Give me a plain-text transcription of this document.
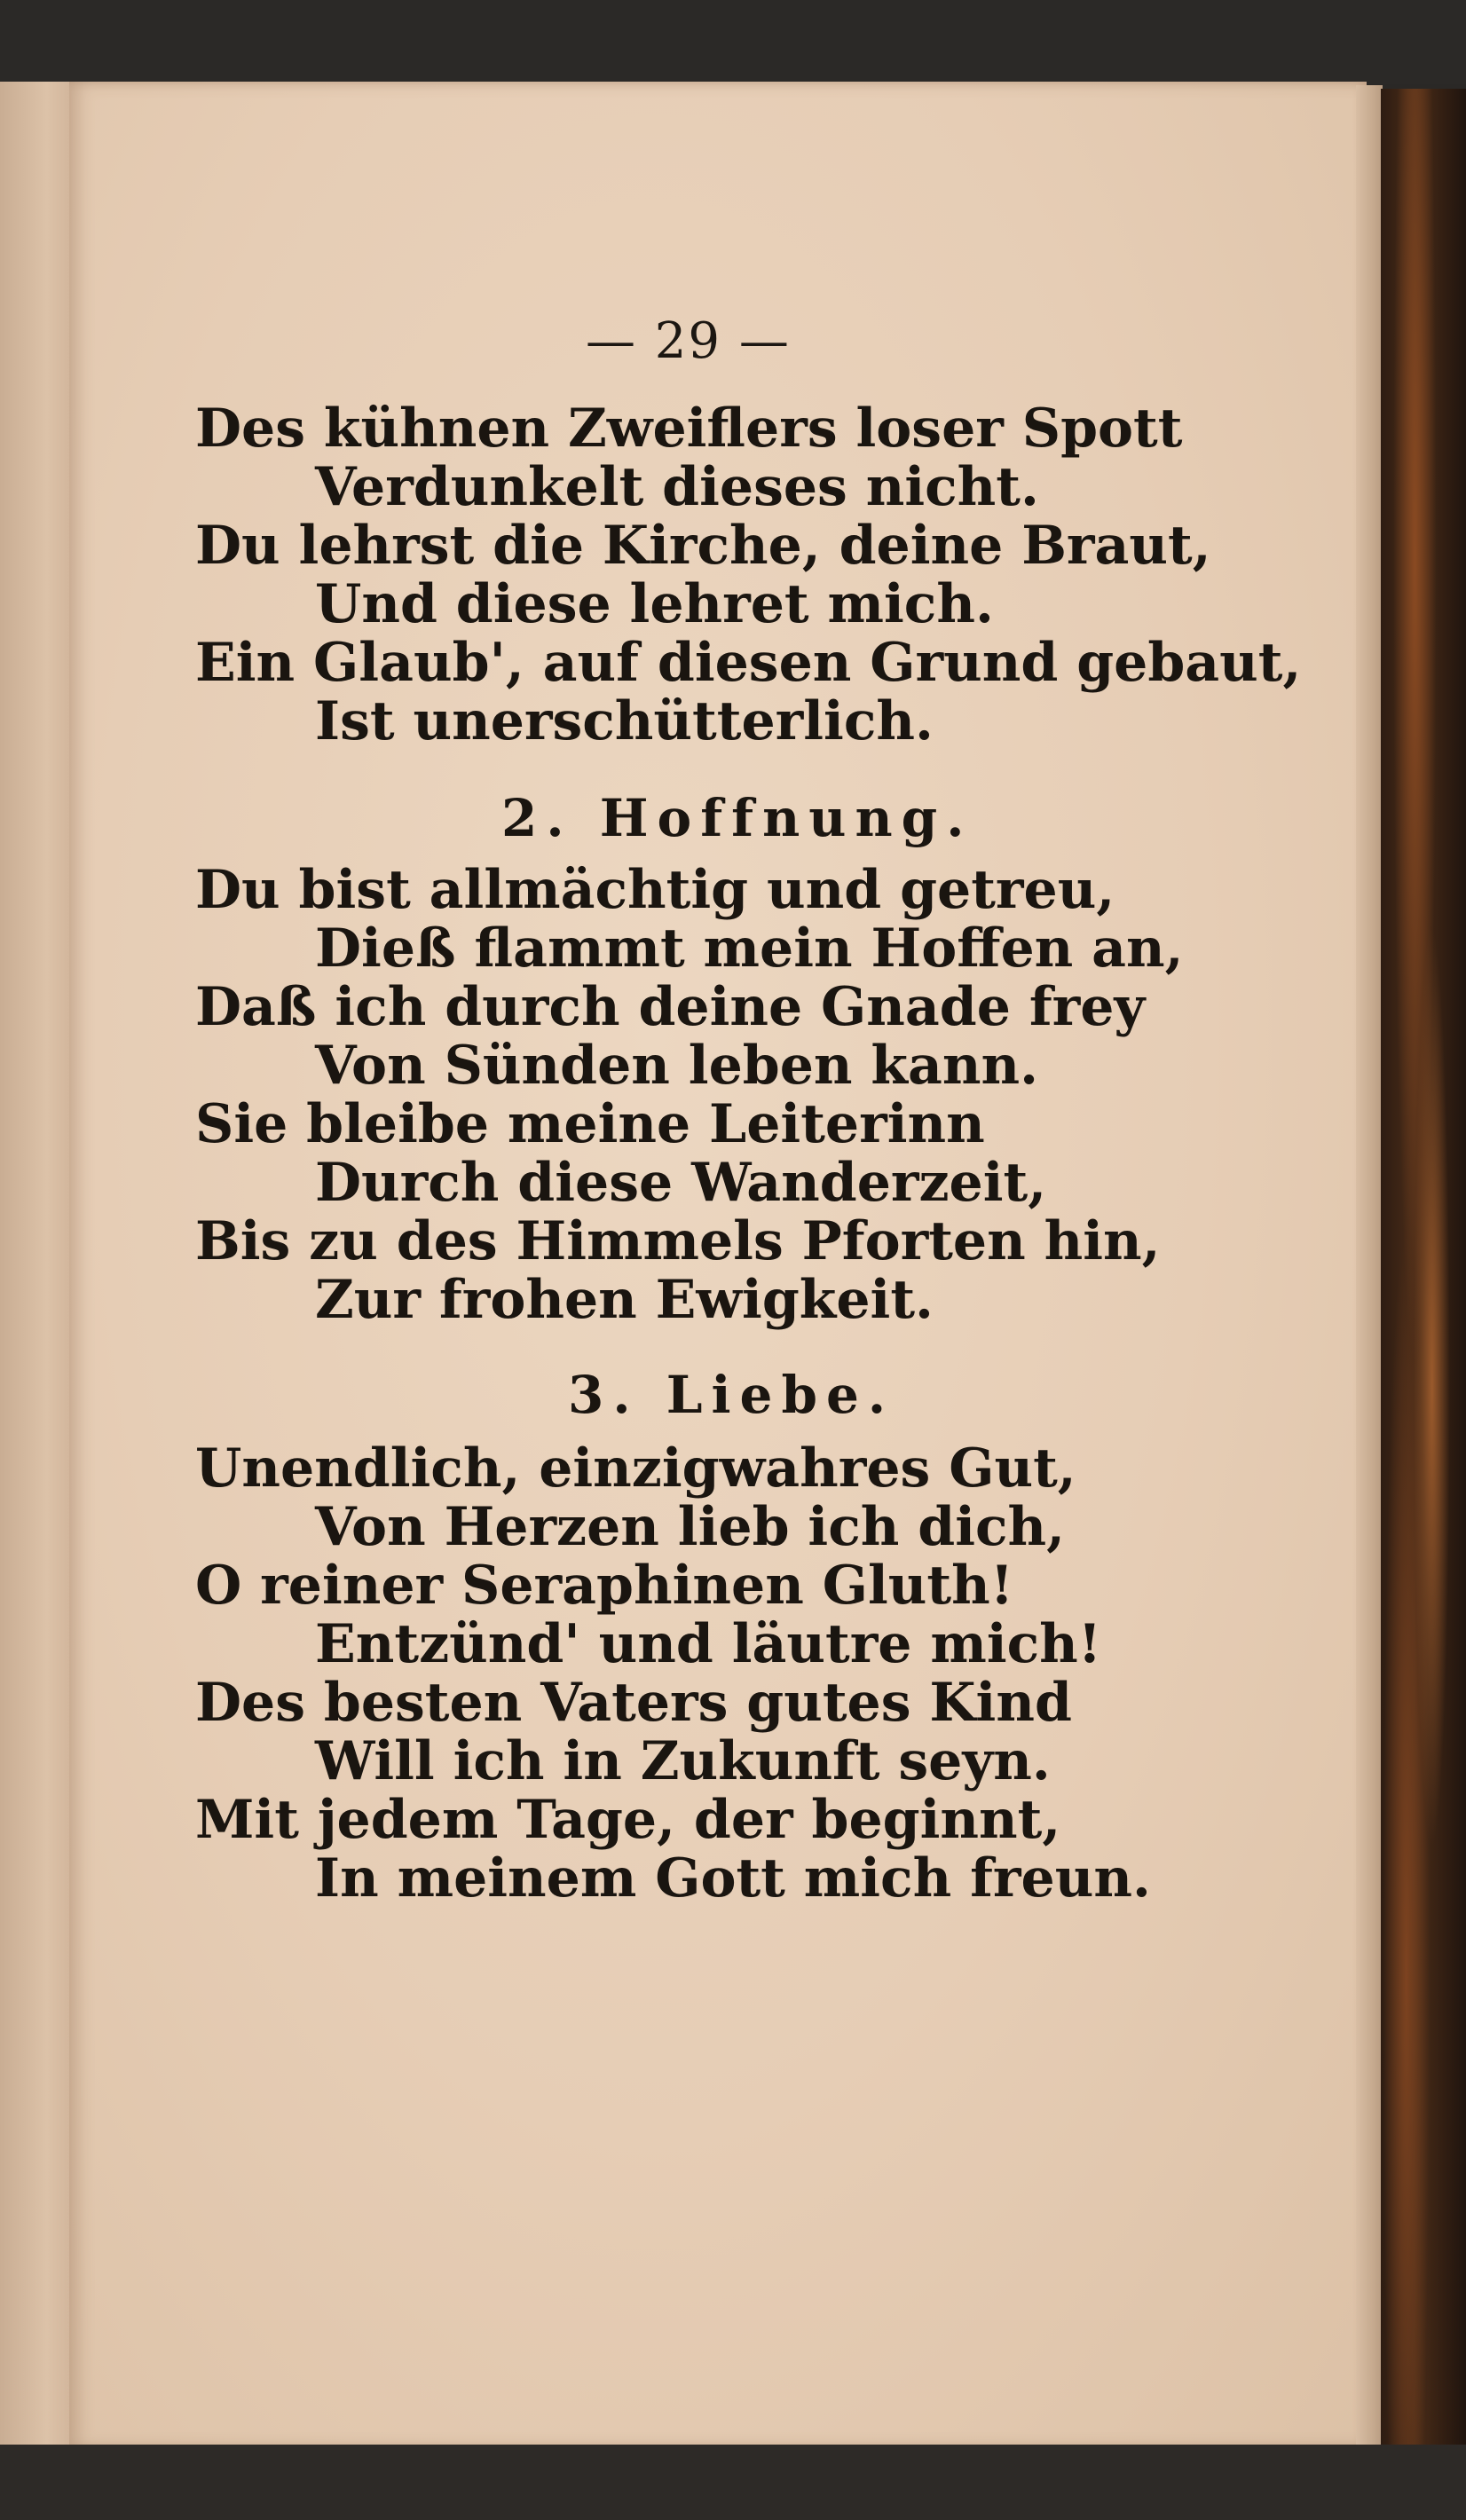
— 29 —
Des kühnen Zweiflers loser Spott
Verdunkelt dieses nicht.
Du lehrst die Kirche, deine Braut,
Und diese lehret mich.
Ein Glaub', auf diesen Grund gebaut,
Ist unerschütterlich.
2. Hoffnung.
Du bist allmächtig und getreu,
Dieß flammt mein Hoffen an,
Daß ich durch deine Gnade frey
Von Sünden leben kann.
Sie bleibe meine Leiterinn
Durch diese Wanderzeit,
Bis zu des Himmels Pforten hin,
Zur frohen Ewigkeit.
3. Liebe.
Unendlich, einzigwahres Gut,
Von Herzen lieb ich dich,
O reiner Seraphinen Gluth!
Entzünd' und läutre mich!
Des besten Vaters gutes Kind
Will ich in Zukunft seyn.
Mit jedem Tage, der beginnt,
In meinem Gott mich freun.
